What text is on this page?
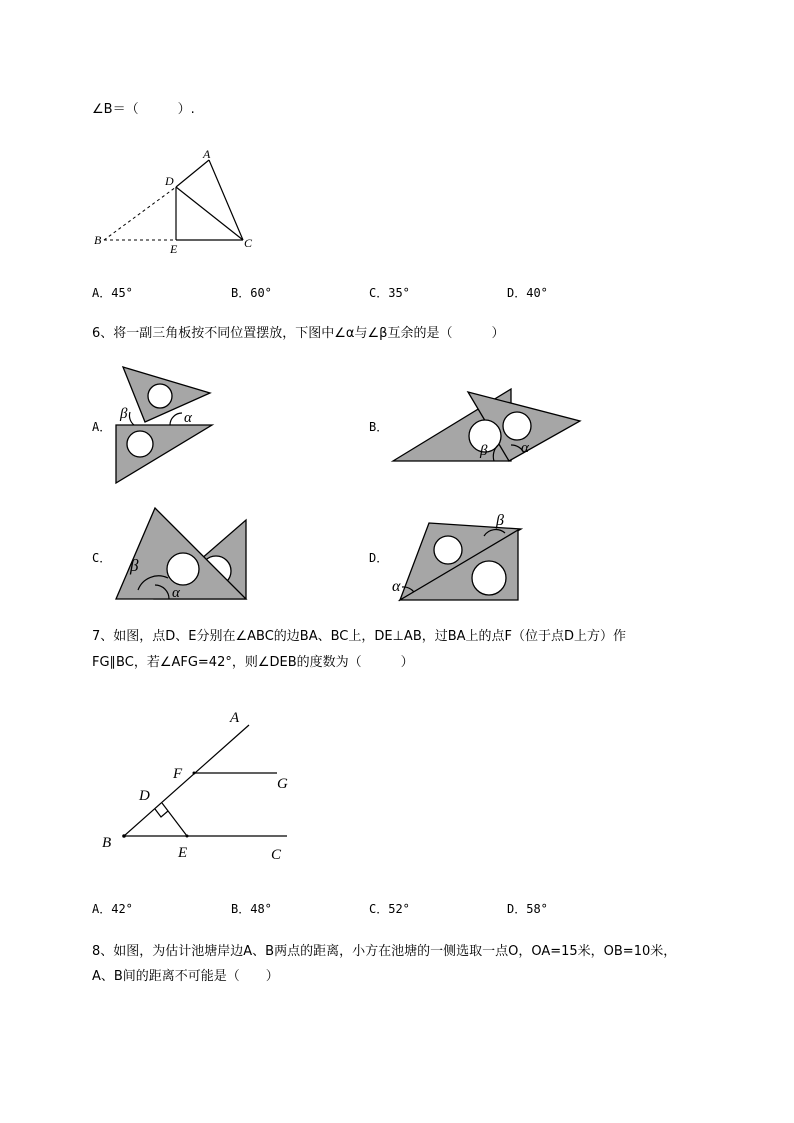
∠B＝（　　　）.
A
D
B
E	C
A．45°	B．60°	C．35°	D．40°
6、将一副三角板按不同位置摆放，下图中∠α与∠β互余的是（　　　）
A．
β	α
B．
β α
C． β
α
D．
β
α
7、如图，点D、E分别在∠ABC的边BA、BC上，DE⊥AB，过BA上的点F（位于点D上方）作
FG∥BC，若∠AFG=42°，则∠DEB的度数为（　　　）
A
F
G
D
B
E	C
A．42°	B．48°	C．52°	D．58°
8、如图，为估计池塘岸边A、B两点的距离，小方在池塘的一侧选取一点O，OA=15米，OB=10米，
A、B间的距离不可能是（　　）
